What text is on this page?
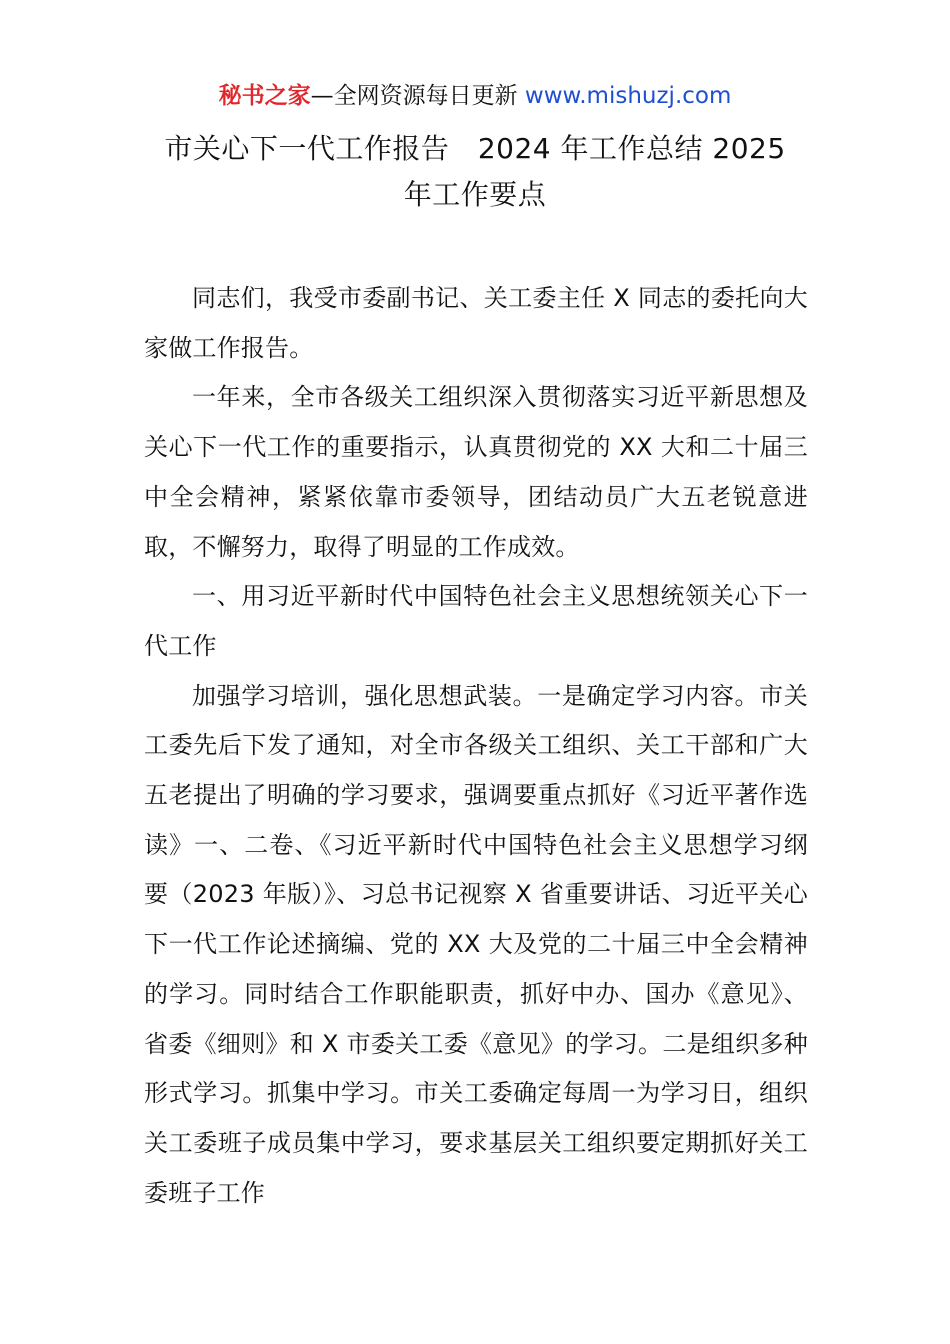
秘书之家—全网资源每日更新 www.mishuzj.com
市关心下一代工作报告　2024 年工作总结 2025
年工作要点

同志们，我受市委副书记、关工委主任 X 同志的委托向大家做工作报告。

一年来，全市各级关工组织深入贯彻落实习近平新思想及关心下一代工作的重要指示，认真贯彻党的 XX 大和二十届三中全会精神，紧紧依靠市委领导，团结动员广大五老锐意进取，不懈努力，取得了明显的工作成效。

一、用习近平新时代中国特色社会主义思想统领关心下一代工作

加强学习培训，强化思想武装。一是确定学习内容。市关工委先后下发了通知，对全市各级关工组织、关工干部和广大五老提出了明确的学习要求，强调要重点抓好《习近平著作选读》一、二卷、《习近平新时代中国特色社会主义思想学习纲要（2023 年版）》、习总书记视察 X 省重要讲话、习近平关心下一代工作论述摘编、党的 XX 大及党的二十届三中全会精神的学习。同时结合工作职能职责，抓好中办、国办《意见》、省委《细则》和 X 市委关工委《意见》的学习。二是组织多种形式学习。抓集中学习。市关工委确定每周一为学习日，组织关工委班子成员集中学习，要求基层关工组织要定期抓好关工委班子工作
